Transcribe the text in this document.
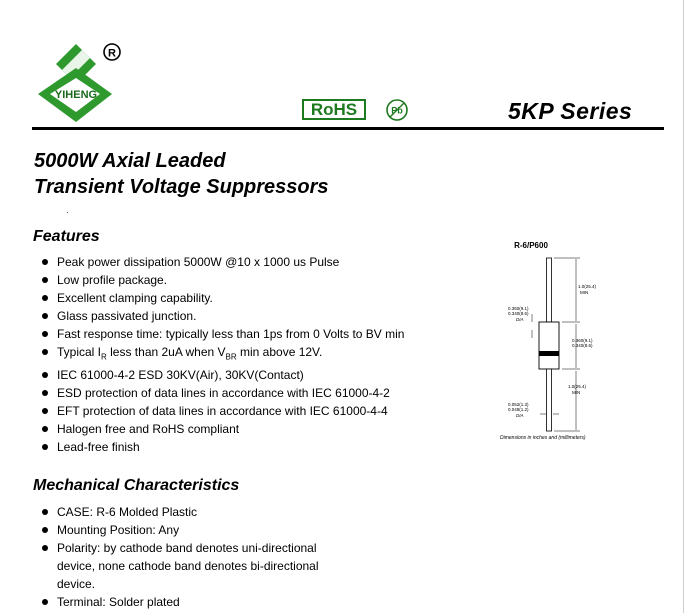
YIHENG
R
RoHS	Pb	5KP Series
5000W Axial Leaded
Transient Voltage Suppressors
·
Features
Peak power dissipation 5000W @10 x 1000 us Pulse
Low profile package.
Excellent clamping capability.
Glass passivated junction.
Fast response time: typically less than 1ps from 0 Volts to BV min
Typical $I_R$ less than 2uA when $V_{BR}$ min above 12V.
IEC 61000-4-2 ESD 30KV(Air), 30KV(Contact)
ESD protection of data lines in accordance with IEC 61000-4-2
EFT protection of data lines in accordance with IEC 61000-4-4
Halogen free and RoHS compliant
Lead-free finish
Mechanical Characteristics
CASE: R-6 Molded Plastic
Mounting Position: Any
Polarity: by cathode band denotes uni-directional device, none cathode band denotes bi-directional device.
Terminal: Solder plated
R-6/P600
1.0(25.4)
MIN
0.360(9.1)
0.340(8.6)
DIA
0.360(9.1)
0.340(8.6)
1.0(25.4)
MIN
0.052(1.3)
0.048(1.2)
DIA
Dimensions in inches and (millimeters)
